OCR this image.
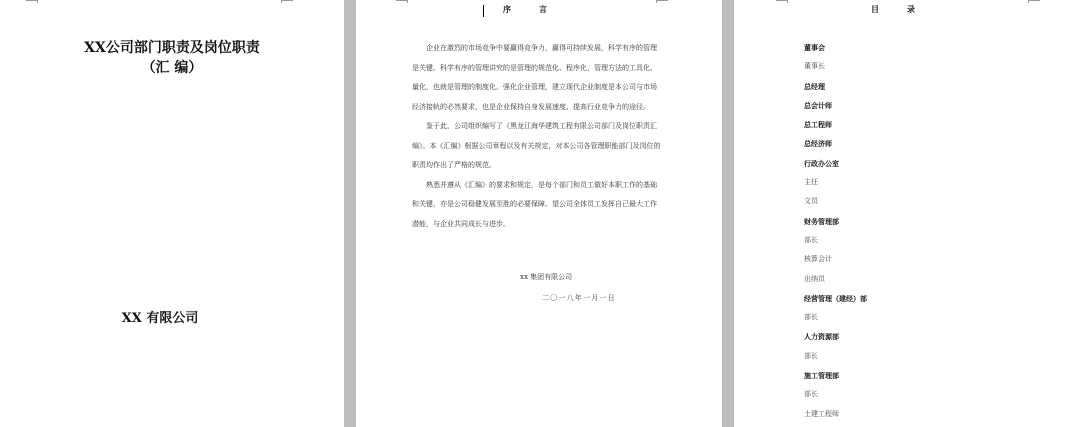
XX公司部门职责及岗位职责
（汇 编）
XX 有限公司
序言

企业在激烈的市场竞争中要赢得竞争力，赢得可持续发展，科学有序的管理是关键。科学有序的管理讲究的是管理的规范化、程序化，管理方法的工具化、量化，也就是管理的制度化。强化企业管理，建立现代企业制度是本公司与市场经济接轨的必然要求，也是企业保持自身发展速度、提高行业竞争力的途径。

鉴于此，公司组织编写了《黑龙江海华建筑工程有限公司部门及岗位职责汇编》。本《汇编》根据公司章程以及有关规定，对本公司各管理职能部门及岗位的职责均作出了严格的规范。

熟悉并遵从《汇编》的要求和规定，是每个部门和员工做好本职工作的基础和关键，亦是公司稳健发展至胜的必要保障。望公司全体员工发挥自己最大工作潜能，与企业共同成长与进步。

xx 集团有限公司
二〇一八年一月一日
目录
董事会
董事长
总经理
总会计师
总工程师
总经济师
行政办公室
主任
文员
财务管理部
部长
核算会计
出纳员
经营管理（建经）部
部长
人力资源部
部长
施工管理部
部长
土建工程师
